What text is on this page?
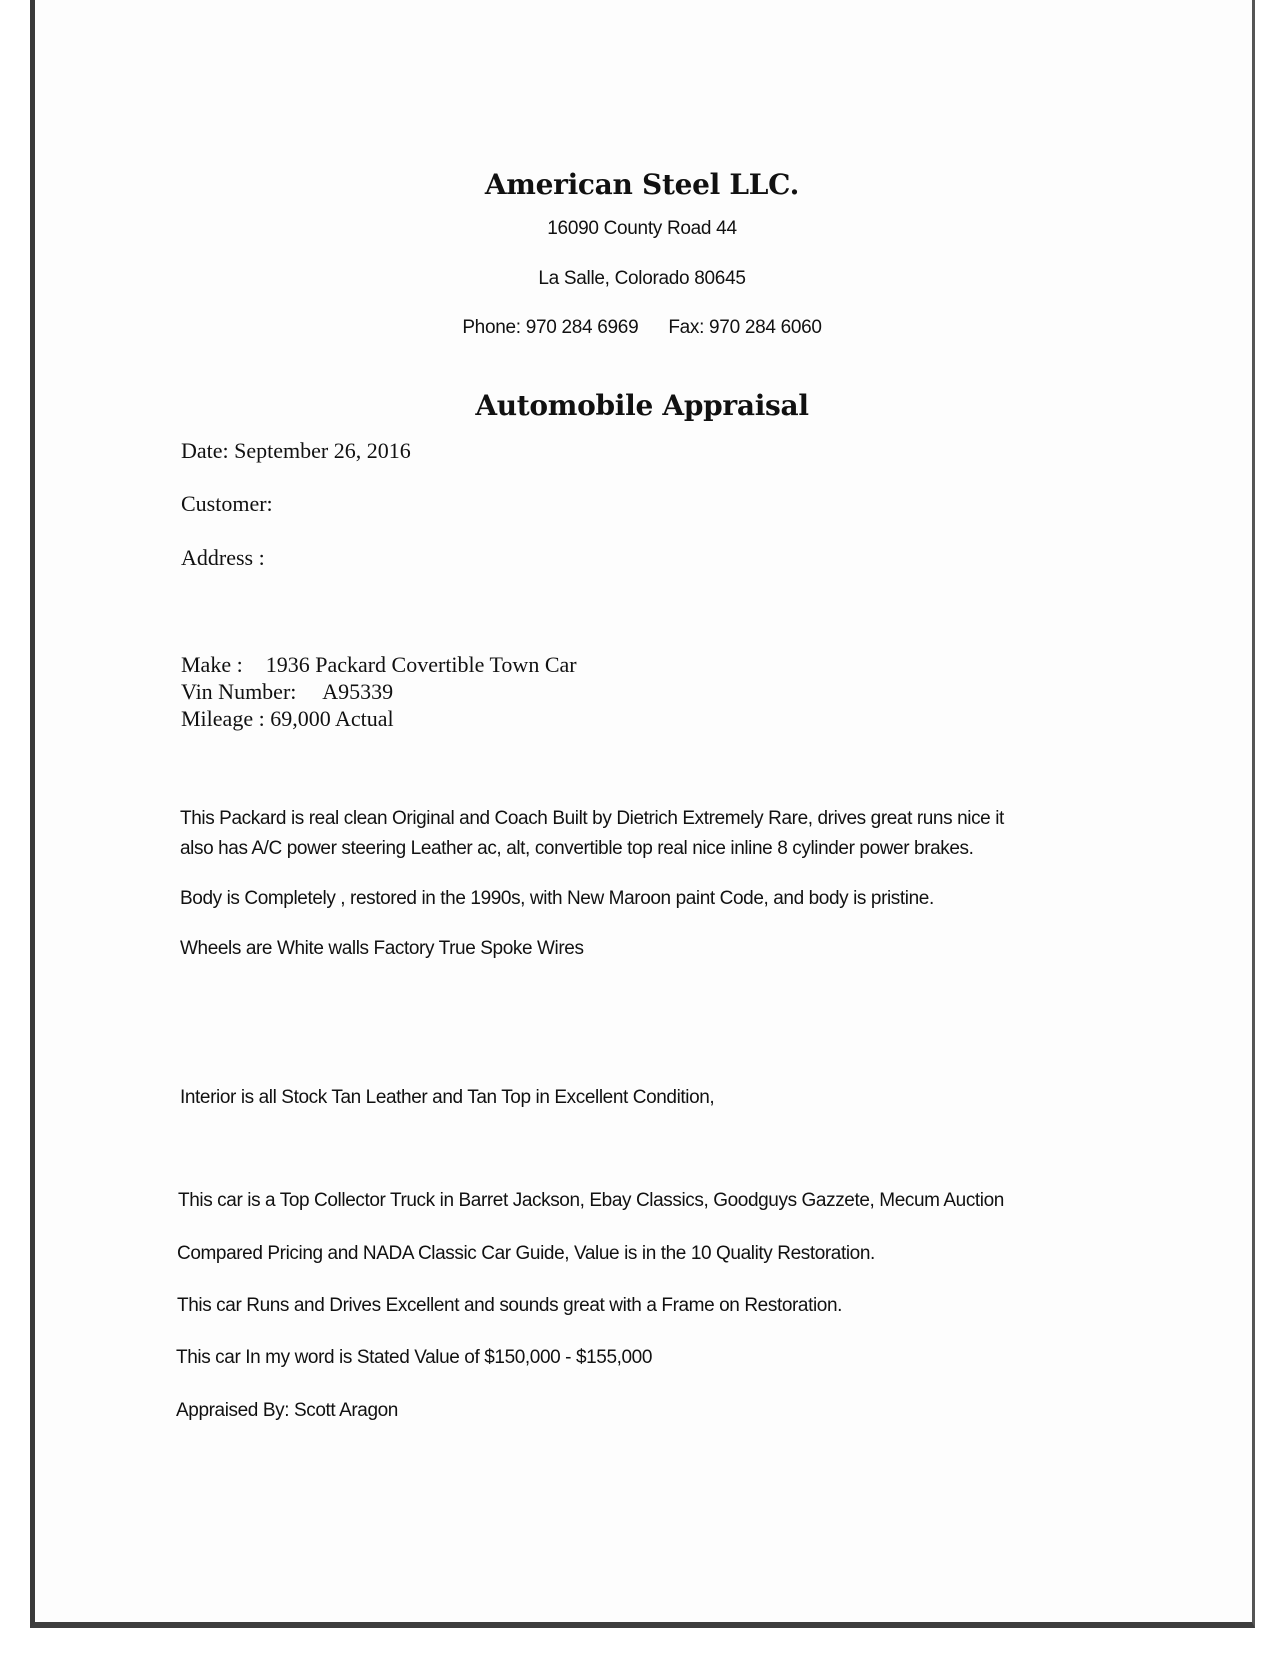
American Steel LLC.
16090 County Road 44
La Salle, Colorado 80645
Phone: 970 284 6969 Fax: 970 284 6060
Automobile Appraisal
Date: September 26, 2016
Customer:
Address :
Make : 1936 Packard Covertible Town Car
Vin Number: A95339
Mileage : 69,000 Actual
This Packard is real clean Original and Coach Built by Dietrich Extremely Rare, drives great runs nice it
also has A/C power steering Leather ac, alt, convertible top real nice inline 8 cylinder power brakes.
Body is Completely , restored in the 1990s, with New Maroon paint Code, and body is pristine.
Wheels are White walls Factory True Spoke Wires
Interior is all Stock Tan Leather and Tan Top in Excellent Condition,
This car is a Top Collector Truck in Barret Jackson, Ebay Classics, Goodguys Gazzete, Mecum Auction
Compared Pricing and NADA Classic Car Guide, Value is in the 10 Quality Restoration.
This car Runs and Drives Excellent and sounds great with a Frame on Restoration.
This car In my word is Stated Value of $150,000 - $155,000
Appraised By: Scott Aragon
